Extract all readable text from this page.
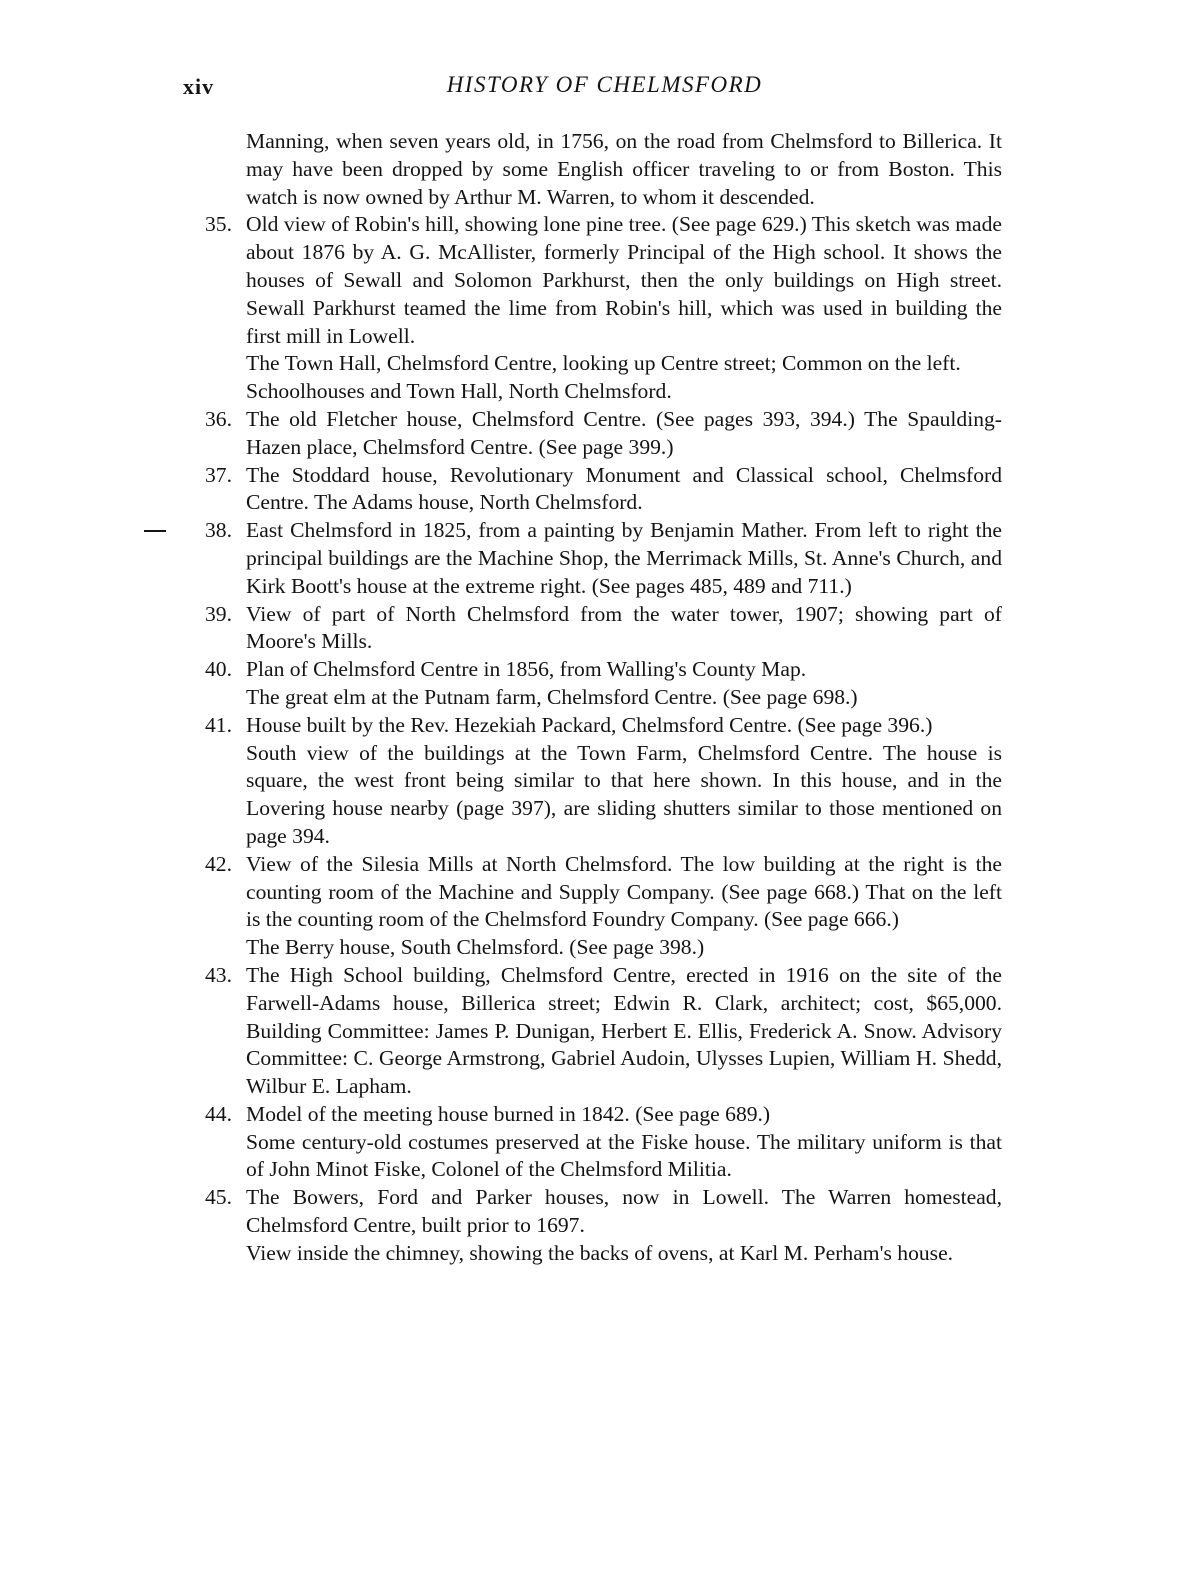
xiv	HISTORY OF CHELMSFORD

Manning, when seven years old, in 1756, on the road from Chelmsford to Billerica. It may have been dropped by some English officer traveling to or from Boston. This watch is now owned by Arthur M. Warren, to whom it descended.

35. Old view of Robin's hill, showing lone pine tree. (See page 629.) This sketch was made about 1876 by A. G. McAllister, formerly Principal of the High school. It shows the houses of Sewall and Solomon Parkhurst, then the only buildings on High street. Sewall Parkhurst teamed the lime from Robin's hill, which was used in building the first mill in Lowell.

The Town Hall, Chelmsford Centre, looking up Centre street; Common on the left.

Schoolhouses and Town Hall, North Chelmsford.

36. The old Fletcher house, Chelmsford Centre. (See pages 393, 394.) The Spaulding-Hazen place, Chelmsford Centre. (See page 399.)

37. The Stoddard house, Revolutionary Monument and Classical school, Chelmsford Centre. The Adams house, North Chelmsford.

38. East Chelmsford in 1825, from a painting by Benjamin Mather. From left to right the principal buildings are the Machine Shop, the Merrimack Mills, St. Anne's Church, and Kirk Boott's house at the extreme right. (See pages 485, 489 and 711.)

39. View of part of North Chelmsford from the water tower, 1907; showing part of Moore's Mills.

40. Plan of Chelmsford Centre in 1856, from Walling's County Map.

The great elm at the Putnam farm, Chelmsford Centre. (See page 698.)

41. House built by the Rev. Hezekiah Packard, Chelmsford Centre. (See page 396.)

South view of the buildings at the Town Farm, Chelmsford Centre. The house is square, the west front being similar to that here shown. In this house, and in the Lovering house nearby (page 397), are sliding shutters similar to those mentioned on page 394.

42. View of the Silesia Mills at North Chelmsford. The low building at the right is the counting room of the Machine and Supply Company. (See page 668.) That on the left is the counting room of the Chelmsford Foundry Company. (See page 666.)

The Berry house, South Chelmsford. (See page 398.)

43. The High School building, Chelmsford Centre, erected in 1916 on the site of the Farwell-Adams house, Billerica street; Edwin R. Clark, architect; cost, $65,000. Building Committee: James P. Dunigan, Herbert E. Ellis, Frederick A. Snow. Advisory Committee: C. George Armstrong, Gabriel Audoin, Ulysses Lupien, William H. Shedd, Wilbur E. Lapham.

44. Model of the meeting house burned in 1842. (See page 689.)

Some century-old costumes preserved at the Fiske house. The military uniform is that of John Minot Fiske, Colonel of the Chelmsford Militia.

45. The Bowers, Ford and Parker houses, now in Lowell. The Warren homestead, Chelmsford Centre, built prior to 1697.

View inside the chimney, showing the backs of ovens, at Karl M. Perham's house.
